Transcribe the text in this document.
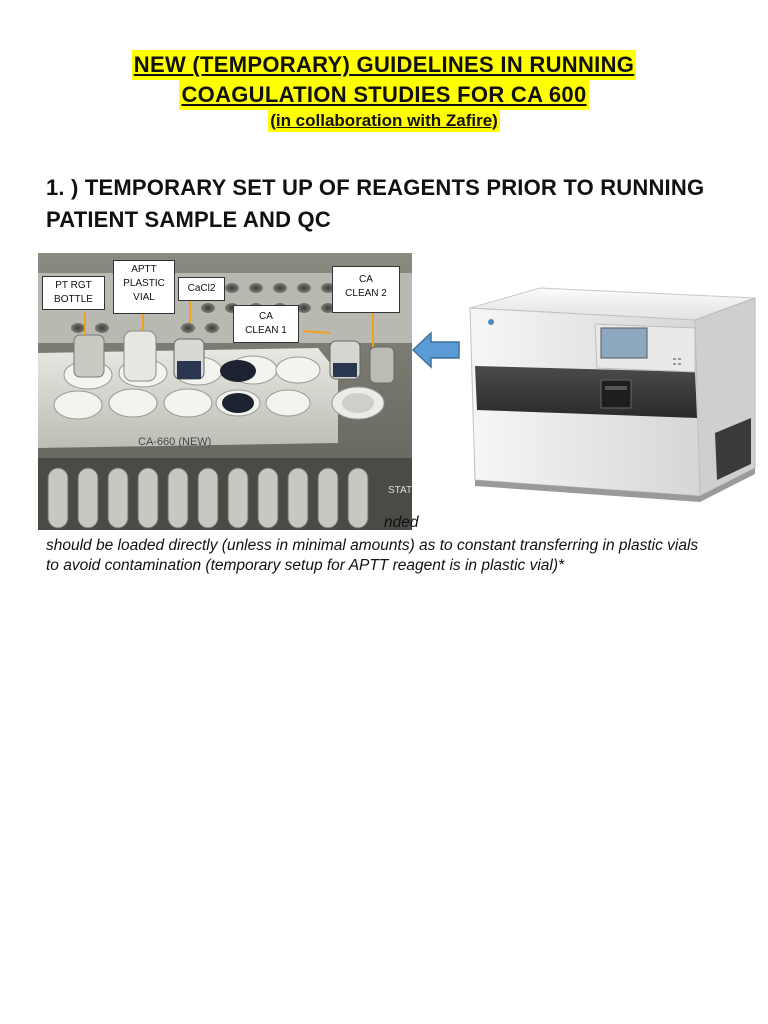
NEW (TEMPORARY) GUIDELINES IN RUNNING
COAGULATION STUDIES FOR CA 600
(in collaboration with Zafire)
1. ) TEMPORARY SET UP OF REAGENTS PRIOR TO RUNNING PATIENT SAMPLE AND QC
CA-660 (NEW)
STAT
PT RGT
BOTTLE
APTT
PLASTIC
VIAL
CaCl2
CA
CLEAN 1
CA
CLEAN 2
nded
should be loaded directly (unless in minimal amounts) as to constant transferring in plastic vials to avoid contamination (temporary setup for APTT reagent is in plastic vial)*
